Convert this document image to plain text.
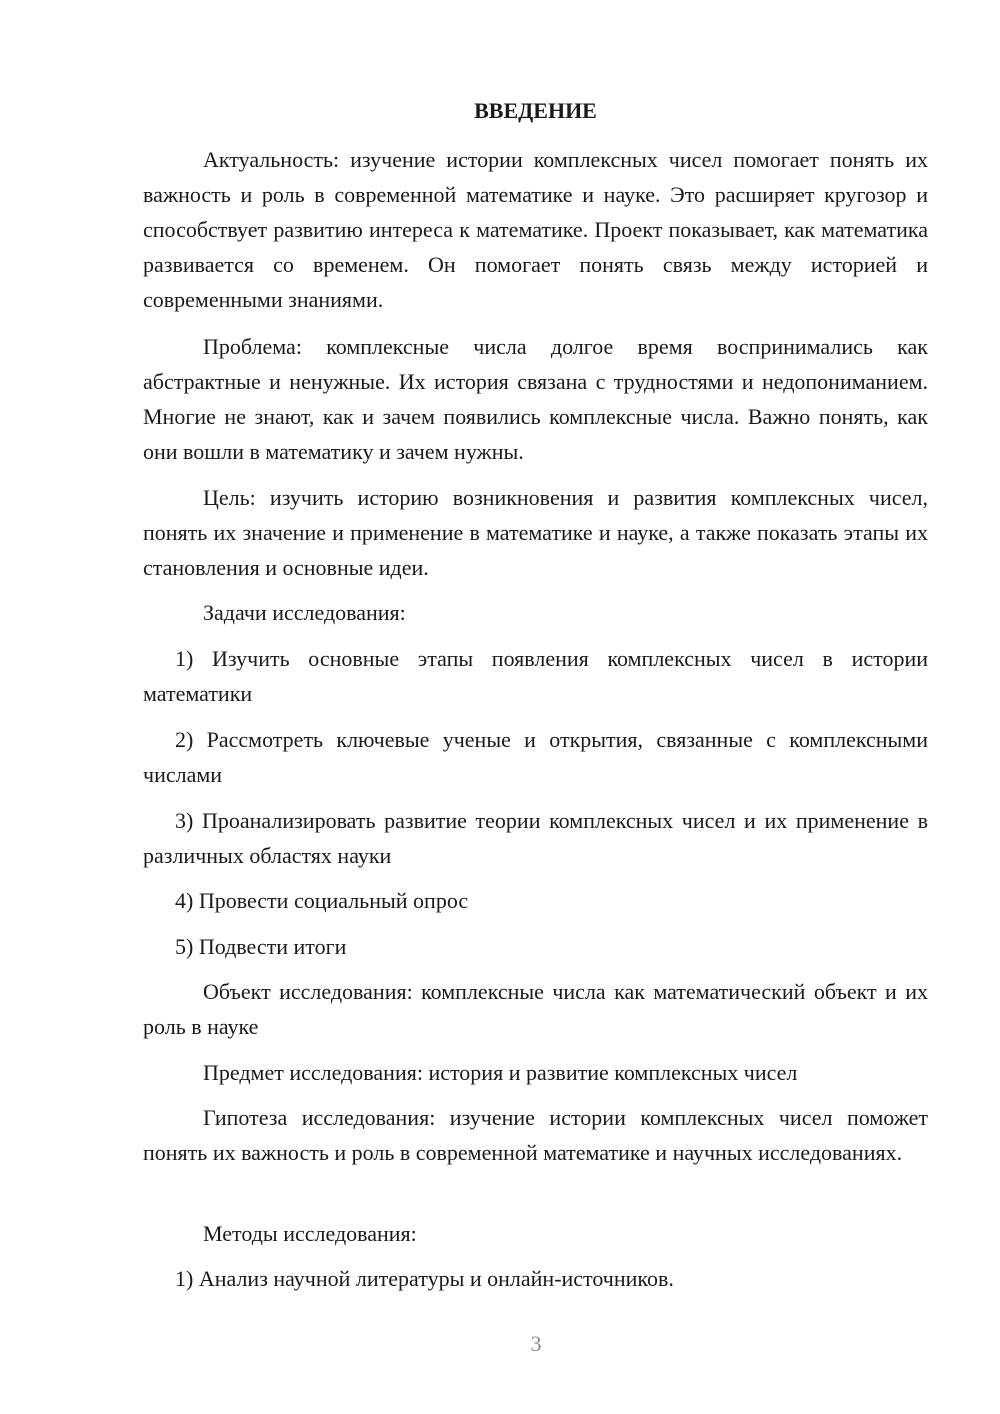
ВВЕДЕНИЕ

Актуальность: изучение истории комплексных чисел помогает понять их важность и роль в современной математике и науке. Это расширяет кругозор и способствует развитию интереса к математике. Проект показывает, как математика развивается со временем. Он помогает понять связь между историей и современными знаниями.

Проблема: комплексные числа долгое время воспринимались как абстрактные и ненужные. Их история связана с трудностями и недопониманием. Многие не знают, как и зачем появились комплексные числа. Важно понять, как они вошли в математику и зачем нужны.

Цель: изучить историю возникновения и развития комплексных чисел, понять их значение и применение в математике и науке, а также показать этапы их становления и основные идеи.

Задачи исследования:

1) Изучить основные этапы появления комплексных чисел в истории математики

2) Рассмотреть ключевые ученые и открытия, связанные с комплексными числами

3) Проанализировать развитие теории комплексных чисел и их применение в различных областях науки

4) Провести социальный опрос

5) Подвести итоги

Объект исследования: комплексные числа как математический объект и их роль в науке

Предмет исследования: история и развитие комплексных чисел

Гипотеза исследования: изучение истории комплексных чисел поможет понять их важность и роль в современной математике и научных исследованиях.

Методы исследования:

1) Анализ научной литературы и онлайн-источников.

3
